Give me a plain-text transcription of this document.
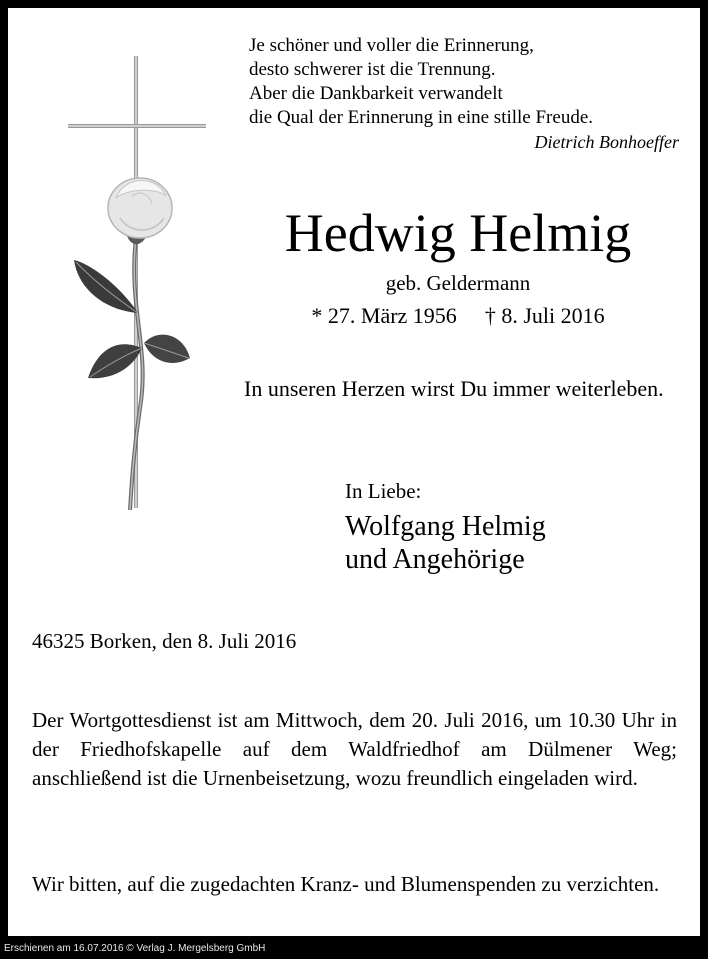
Je schöner und voller die Erinnerung,
desto schwerer ist die Trennung.
Aber die Dankbarkeit verwandelt
die Qual der Erinnerung in eine stille Freude.
Dietrich Bonhoeffer
Hedwig Helmig
geb. Geldermann
* 27. März 1956 † 8. Juli 2016
In unseren Herzen wirst Du immer weiterleben.
In Liebe:
Wolfgang Helmig
und Angehörige
46325 Borken, den 8. Juli 2016
Der Wortgottesdienst ist am Mittwoch, dem 20. Juli 2016, um 10.30 Uhr in der Friedhofskapelle auf dem Waldfriedhof am Dülmener Weg; anschließend ist die Urnenbeisetzung, wozu freundlich eingeladen wird.
Wir bitten, auf die zugedachten Kranz- und Blumenspenden zu verzichten.
Erschienen am 16.07.2016 © Verlag J. Mergelsberg GmbH
